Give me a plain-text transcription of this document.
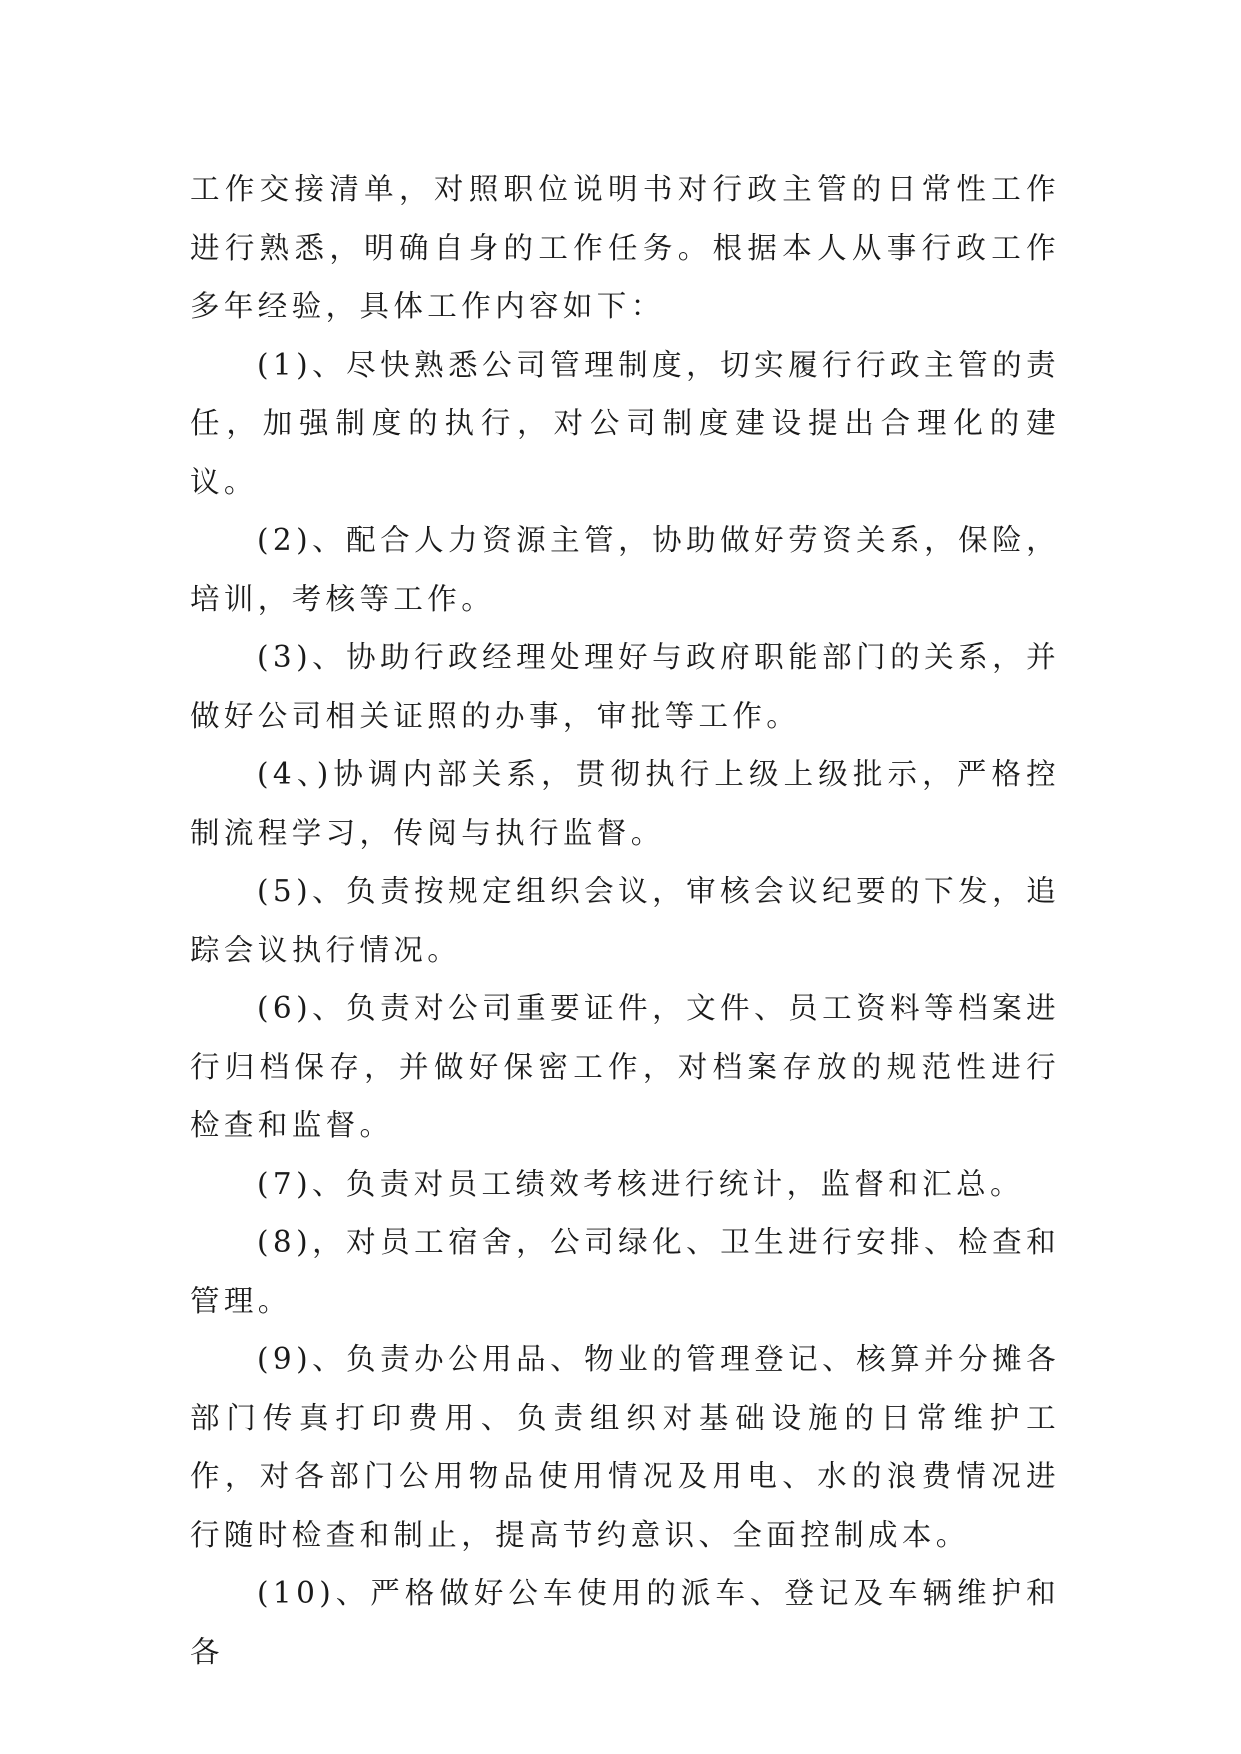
工作交接清单，对照职位说明书对行政主管的日常性工作进行熟悉，明确自身的工作任务。根据本人从事行政工作多年经验，具体工作内容如下：

(1)、尽快熟悉公司管理制度，切实履行行政主管的责任，加强制度的执行，对公司制度建设提出合理化的建议。

(2)、配合人力资源主管，协助做好劳资关系，保险，培训，考核等工作。

(3)、协助行政经理处理好与政府职能部门的关系，并做好公司相关证照的办事，审批等工作。

(4、)协调内部关系，贯彻执行上级上级批示，严格控制流程学习，传阅与执行监督。

(5)、负责按规定组织会议，审核会议纪要的下发，追踪会议执行情况。

(6)、负责对公司重要证件，文件、员工资料等档案进行归档保存，并做好保密工作，对档案存放的规范性进行检查和监督。

(7)、负责对员工绩效考核进行统计，监督和汇总。

(8)，对员工宿舍，公司绿化、卫生进行安排、检查和管理。

(9)、负责办公用品、物业的管理登记、核算并分摊各部门传真打印费用、负责组织对基础设施的日常维护工作，对各部门公用物品使用情况及用电、水的浪费情况进行随时检查和制止，提高节约意识、全面控制成本。

(10)、严格做好公车使用的派车、登记及车辆维护和各
